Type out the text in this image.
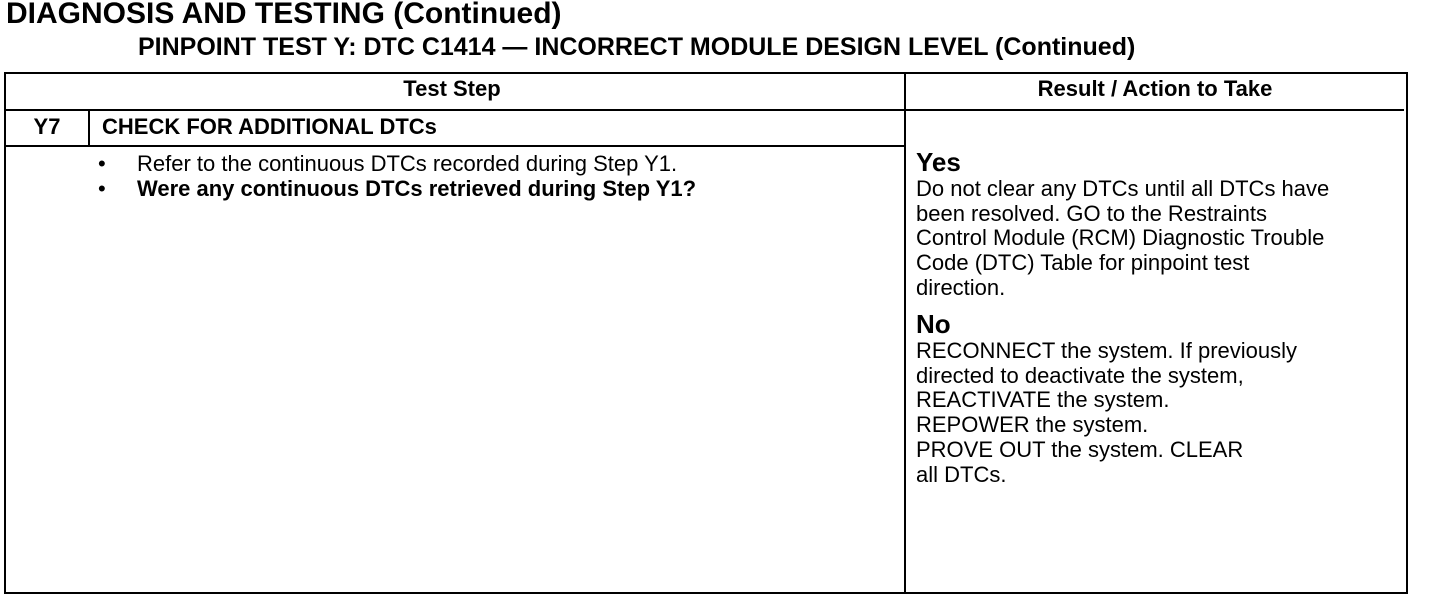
DIAGNOSIS AND TESTING (Continued)
PINPOINT TEST Y: DTC C1414 — INCORRECT MODULE DESIGN LEVEL (Continued)
Test Step	Result / Action to Take
Y7	CHECK FOR ADDITIONAL DTCs
• Refer to the continuous DTCs recorded during Step Y1.
• Were any continuous DTCs retrieved during Step Y1?
Yes
Do not clear any DTCs until all DTCs have
been resolved. GO to the Restraints
Control Module (RCM) Diagnostic Trouble
Code (DTC) Table for pinpoint test
direction.
No
RECONNECT the system. If previously
directed to deactivate the system,
REACTIVATE the system.
REPOWER the system.
PROVE OUT the system. CLEAR
all DTCs.
